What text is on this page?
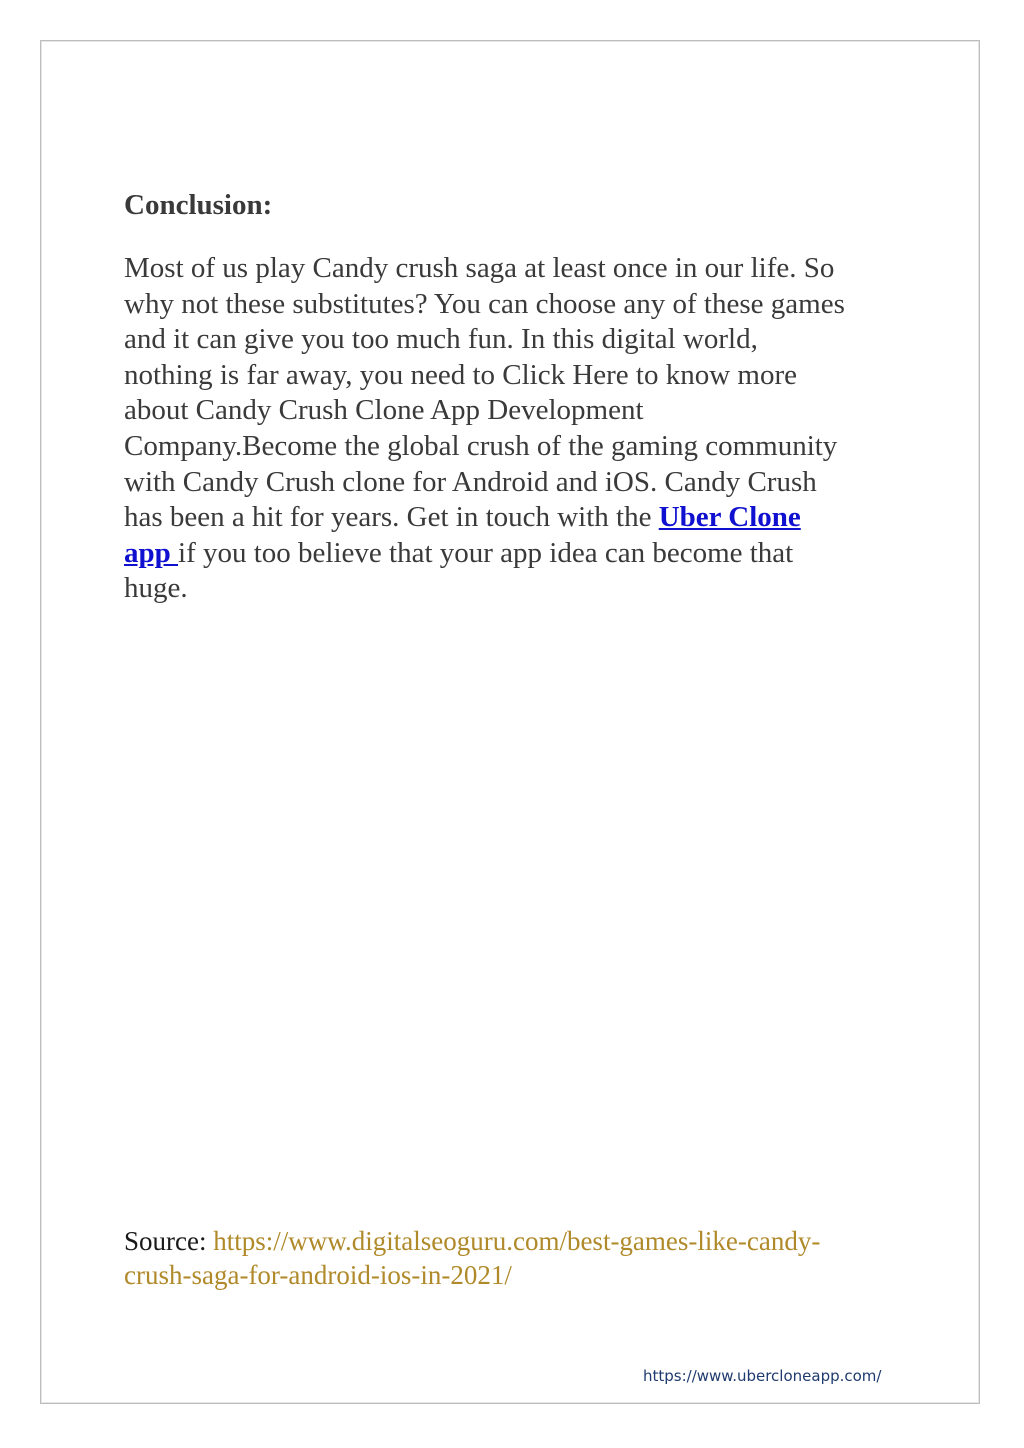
Conclusion:
Most of us play Candy crush saga at least once in our life. So
why not these substitutes? You can choose any of these games
and it can give you too much fun. In this digital world,
nothing is far away, you need to Click Here to know more
about Candy Crush Clone App Development
Company.Become the global crush of the gaming community
with Candy Crush clone for Android and iOS. Candy Crush
has been a hit for years. Get in touch with the Uber Clone
app if you too believe that your app idea can become that
huge.
Source: https://www.digitalseoguru.com/best-games-like-candy-
crush-saga-for-android-ios-in-2021/
https://www.ubercloneapp.com/
